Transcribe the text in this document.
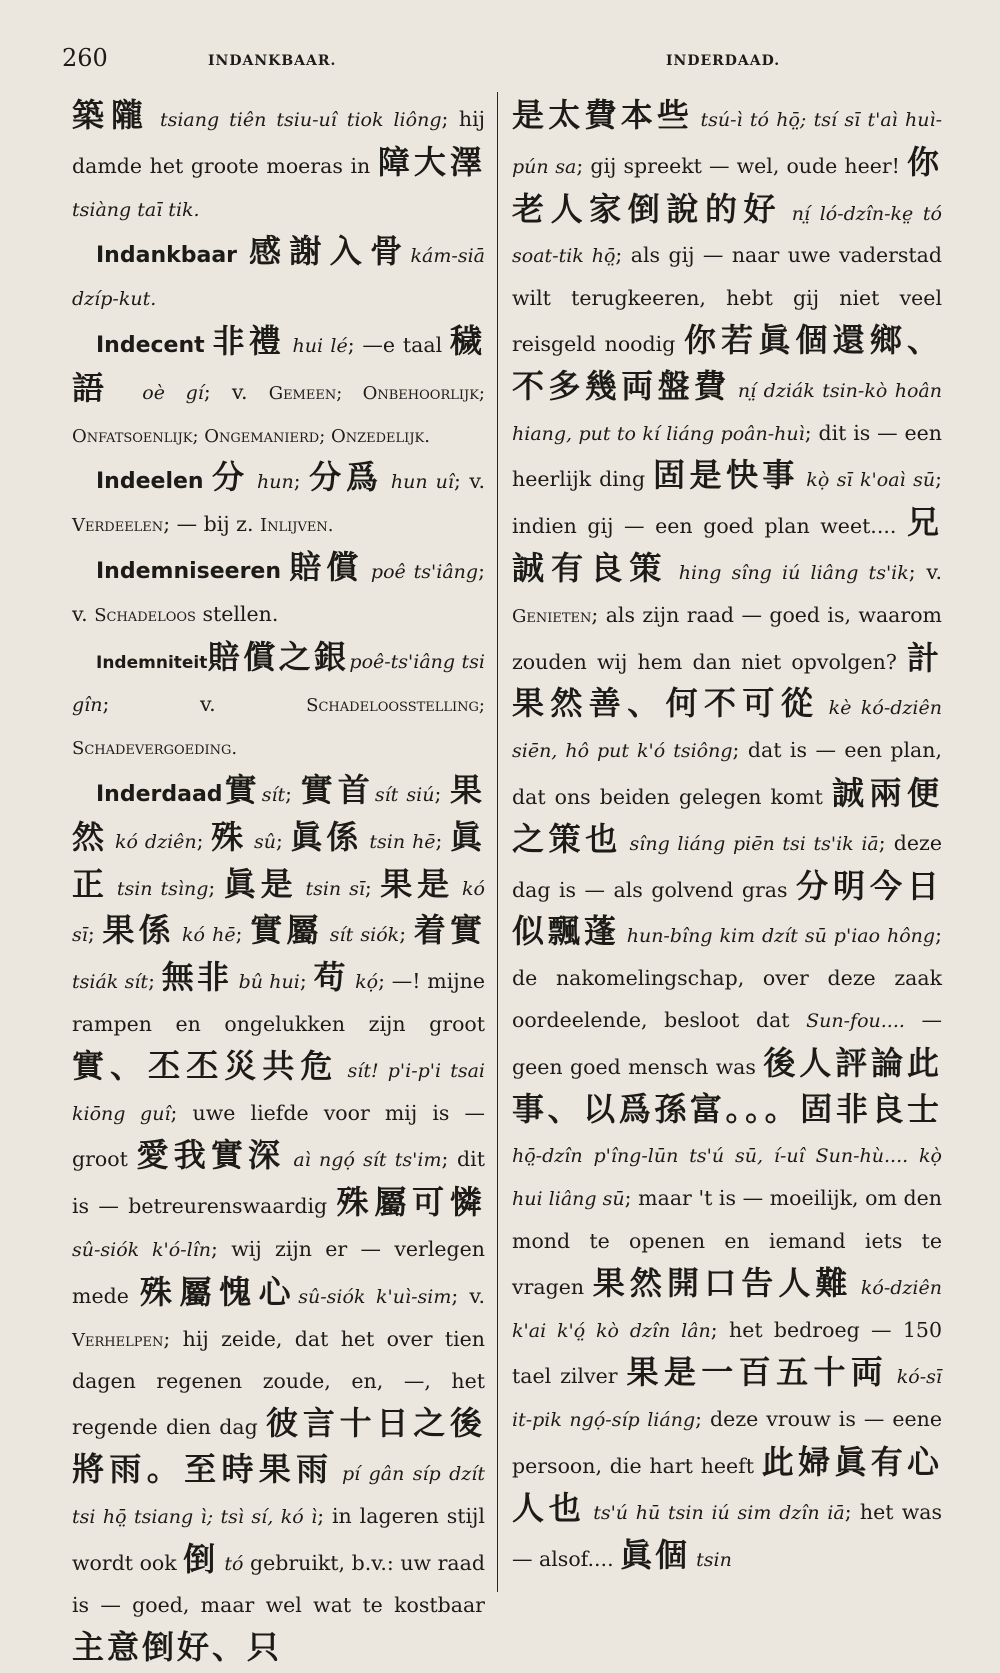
260	INDANKBAAR.	INDERDAAD.

築隴 tsiang tiên tsiu-uî tiok liông; hij damde het groote moeras in 障大澤 tsiàng taī tik.

Indankbaar 感謝入骨kám-siā dzíp-kut.

Indecent 非禮 hui lé; —e taal 穢語 oè gí; v. Gemeen; Onbehoorlijk; Onfatsoenlijk; Ongemanierd; Onzedelijk.

Indeelen 分 hun; 分爲 hun uî; v. Verdeelen; — bij z. Inlijven.

Indemniseeren 賠償 poê ts'iâng; v. Schadeloos stellen.

Indemniteit賠償之銀poê-ts'iâng tsi gîn; v. Schadeloosstelling; Schadevergoeding.

Inderdaad實sít; 實首sít siú; 果然 kó dziên; 殊 sû; 眞係 tsin hē; 眞正 tsin tsìng; 眞是 tsin sī; 果是 kó sī; 果係 kó hē; 實屬 sít siók; 着實 tsiák sít; 無非 bû hui; 苟 kọ́; —! mijne rampen en ongelukken zijn groot 實、丕丕災共危 sít! p'i-p'i tsai kiōng guî; uwe liefde voor mij is — groot 愛我實深 aì ngọ́ sít ts'im; dit is — betreurenswaardig 殊屬可憐 sû-siók k'ó-lîn; wij zijn er — verlegen mede 殊屬愧心sû-siók k'uì-sim; v. Verhelpen; hij zeide, dat het over tien dagen regenen zoude, en, —, het regende dien dag 彼言十日之後將雨。至時果雨 pí gân síp dzít tsi hō̤ tsiang ì; tsì sí, kó ì; in lageren stijl wordt ook 倒 tó gebruikt, b.v.: uw raad is — goed, maar wel wat te kostbaar 主意倒好、只

是太費本些 tsú-ì tó hō̤; tsí sī t'aì huì-pún sa; gij spreekt — wel, oude heer! 你老人家倒說的好 ní̤ ló-dzîn-ke̤ tó soat-tik hō̤; als gij — naar uwe vaderstad wilt terugkeeren, hebt gij niet veel reisgeld noodig 你若眞個還鄉、不多幾両盤費 ní̤ dziák tsin-kò hoân hiang, put to kí liáng poân-huì; dit is — een heerlijk ding 固是快事 kọ̀ sī k'oaì sū; indien gij — een goed plan weet.... 兄誠有良策 hing sîng iú liâng ts'ik; v. Genieten; als zijn raad — goed is, waarom zouden wij hem dan niet opvolgen? 計果然善、何不可從 kè kó-dziên siēn, hô put k'ó tsiông; dat is — een plan, dat ons beiden gelegen komt 誠兩便之策也 sîng liáng piēn tsi ts'ik iā; deze dag is — als golvend gras 分明今日似飄蓬 hun-bîng kim dzít sū p'iao hông; de nakomelingschap, over deze zaak oordeelende, besloot dat Sun-fou.... — geen goed mensch was 後人評論此事、以爲孫富。。。固非良士 hō̤-dzîn p'îng-lūn ts'ú sū, í-uî Sun-hù.... kọ̀ hui liâng sū; maar 't is — moeilijk, om den mond te openen en iemand iets te vragen 果然開口告人難 kó-dziên k'ai k'ó̤ kò dzîn lân; het bedroeg — 150 tael zilver 果是一百五十両 kó-sī it-pik ngọ́-síp liáng; deze vrouw is — eene persoon, die hart heeft 此婦眞有心人也 ts'ú hū tsin iú sim dzîn iā; het was — alsof.... 眞個 tsin
